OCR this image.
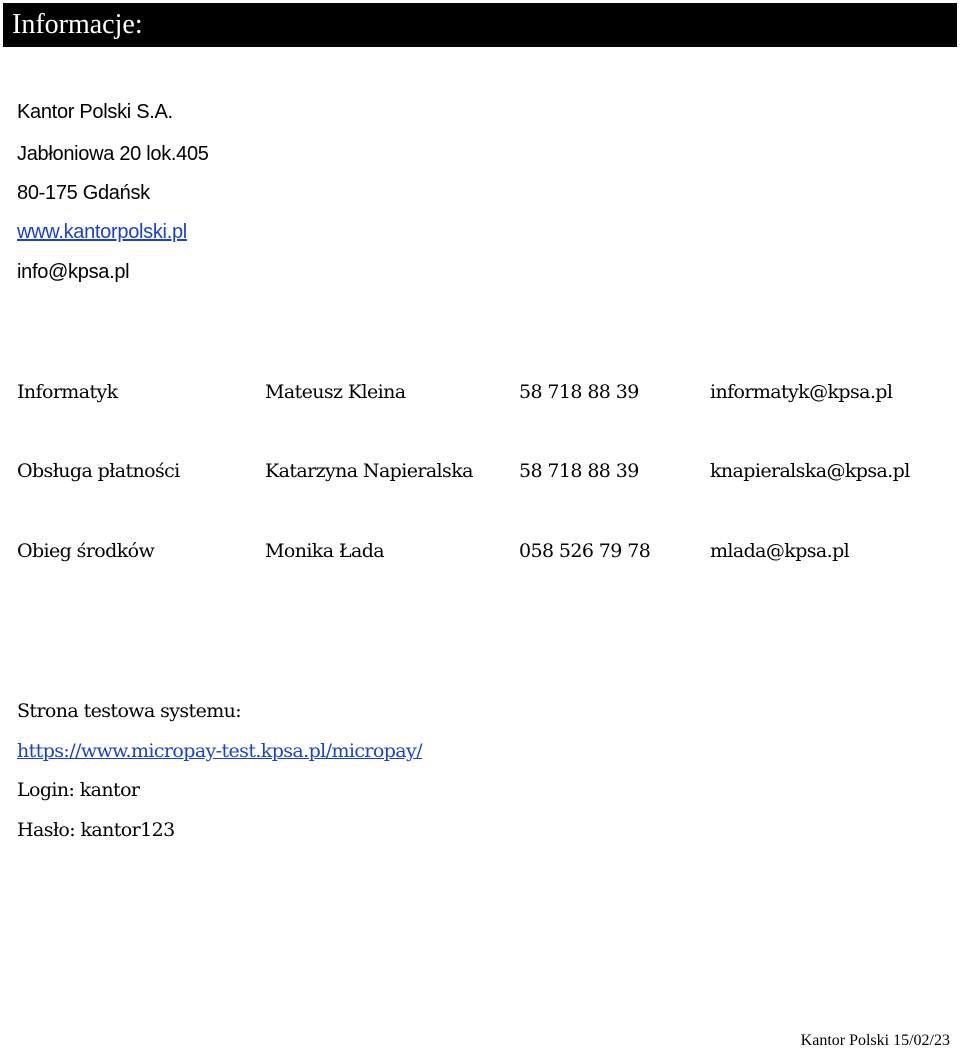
Informacje:
Kantor Polski S.A.
Jabłoniowa 20 lok.405
80-175 Gdańsk
www.kantorpolski.pl
info@kpsa.pl
Informatyk	Mateusz Kleina	58 718 88 39	informatyk@kpsa.pl
Obsługa płatności	Katarzyna Napieralska 58 718 88 39	knapieralska@kpsa.pl
Obieg środków	Monika Łada	058 526 79 78	mlada@kpsa.pl
Strona testowa systemu:
https://www.micropay-test.kpsa.pl/micropay/
Login: kantor
Hasło: kantor123
Kantor Polski 15/02/23
